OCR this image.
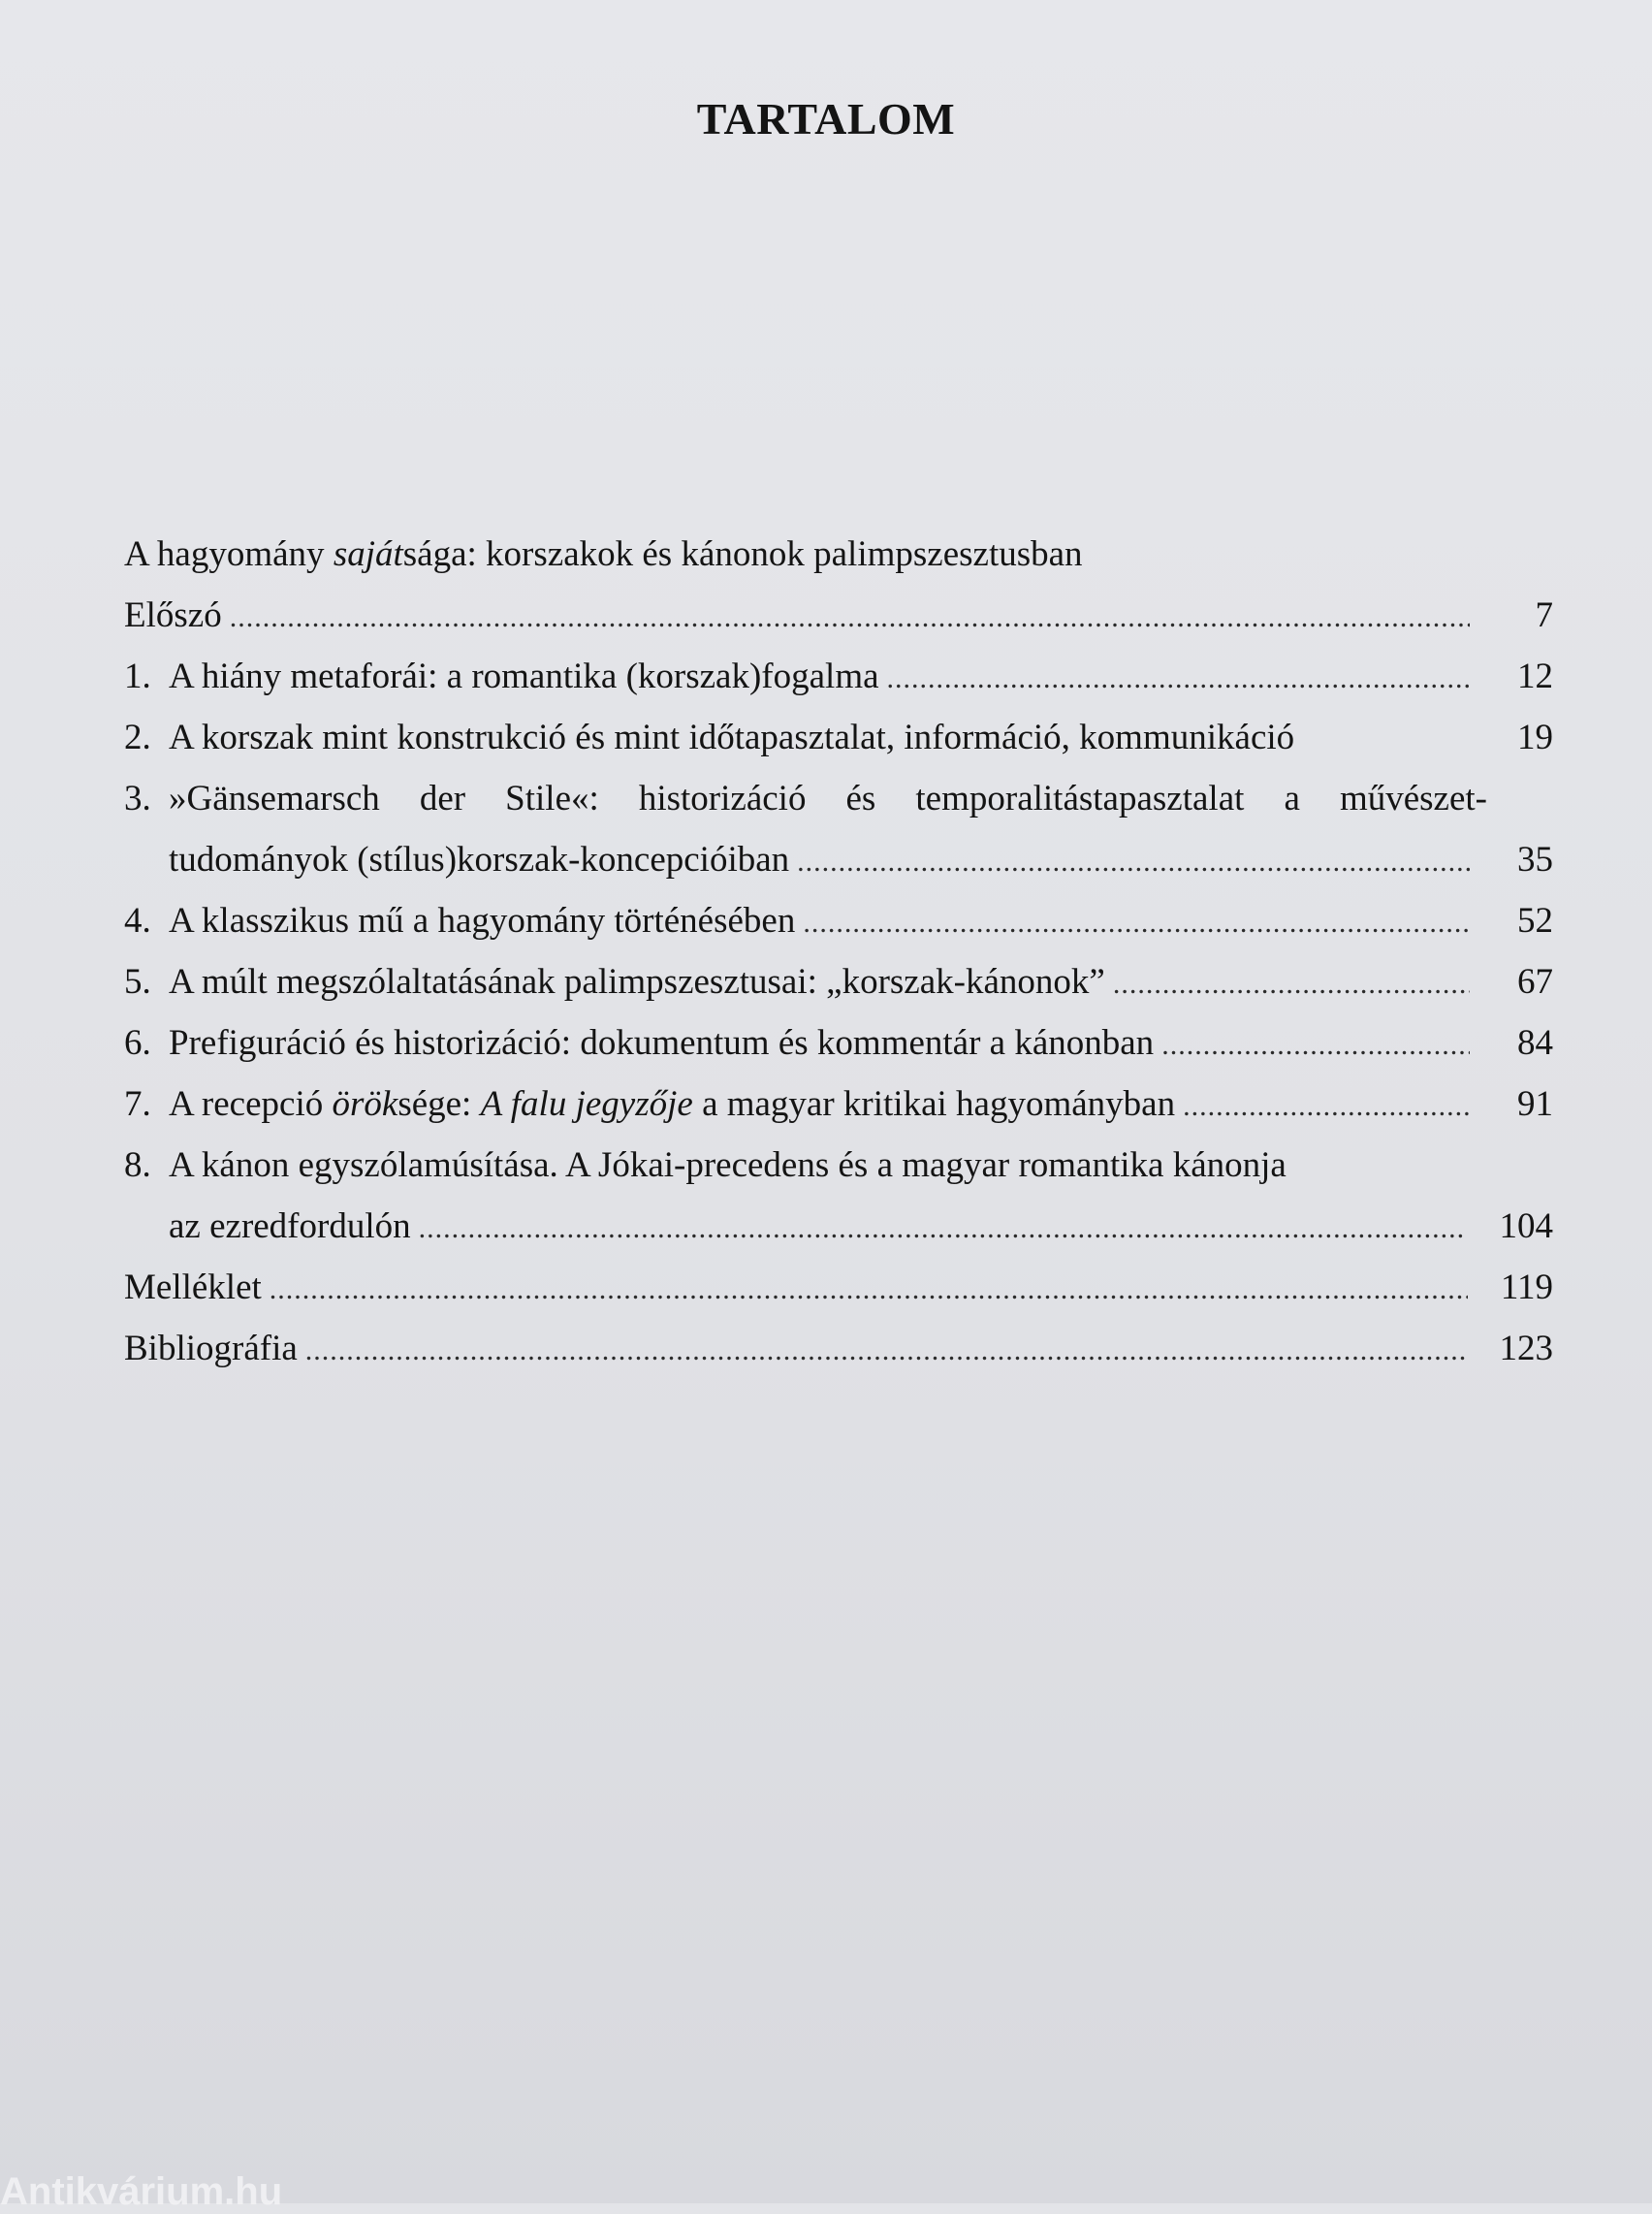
TARTALOM
A hagyomány sajátsága: korszakok és kánonok palimpszesztusban
Előszó .....	7
1. A hiány metaforái: a romantika (korszak)fogalma .....	12
2. A korszak mint konstrukció és mint időtapasztalat, információ, kommunikáció	19
3. »Gänsemarsch der Stile«: historizáció és temporalitástapasztalat a művészet-
tudományok (stílus)korszak-koncepcióiban .....	35
4. A klasszikus mű a hagyomány történésében .....	52
5. A múlt megszólaltatásának palimpszesztusai: „korszak-kánonok” .....	67
6. Prefiguráció és historizáció: dokumentum és kommentár a kánonban .....	84
7. A recepció öröksége: A falu jegyzője a magyar kritikai hagyományban .....	91
8. A kánon egyszólamúsítása. A Jókai-precedens és a magyar romantika kánonja
az ezredfordulón .....	104
Melléklet .....	119
Bibliográfia .....	123
Antikvárium.hu
